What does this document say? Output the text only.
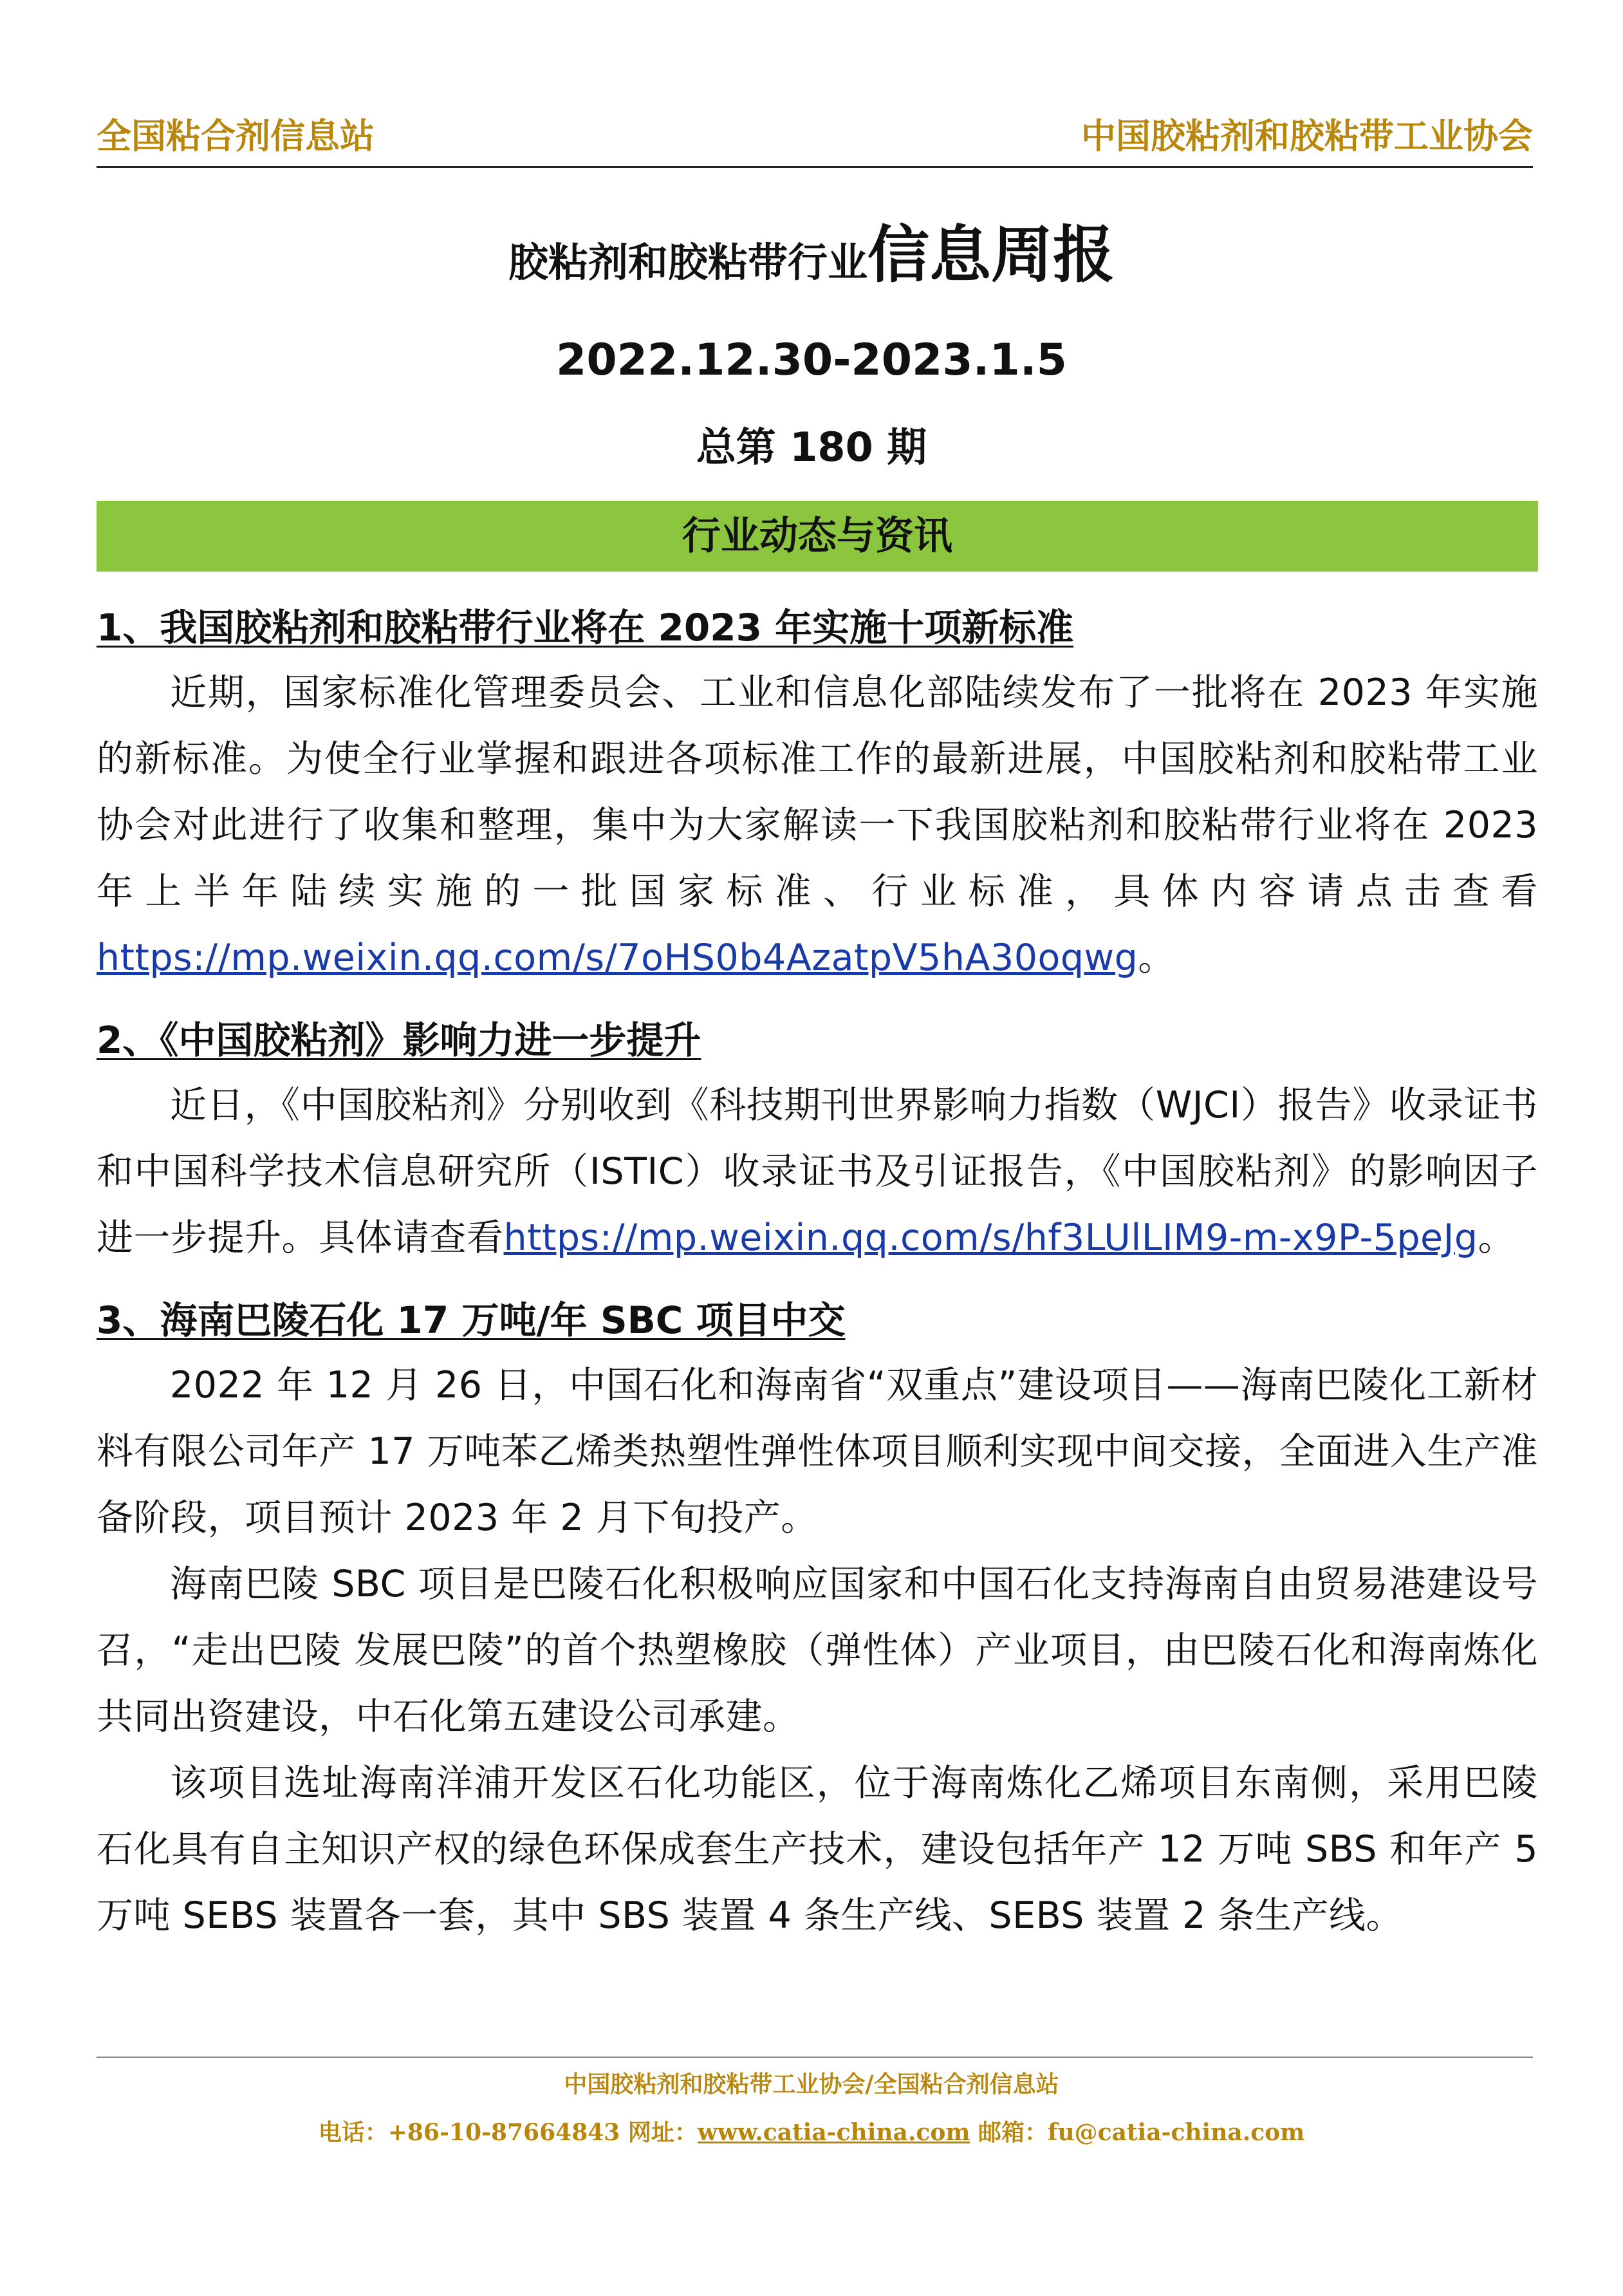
全国粘合剂信息站	中国胶粘剂和胶粘带工业协会
胶粘剂和胶粘带行业信息周报
2022.12.30-2023.1.5
总第 180 期
行业动态与资讯

1、我国胶粘剂和胶粘带行业将在 2023 年实施十项新标准

近期，国家标准化管理委员会、工业和信息化部陆续发布了一批将在 2023 年实施的新标准。为使全行业掌握和跟进各项标准工作的最新进展，中国胶粘剂和胶粘带工业协会对此进行了收集和整理，集中为大家解读一下我国胶粘剂和胶粘带行业将在 2023 年上半年陆续实施的一批国家标准、行业标准，具体内容请点击查看https://mp.weixin.qq.com/s/7oHS0b4AzatpV5hA30oqwg。

2、《中国胶粘剂》影响力进一步提升

近日，《中国胶粘剂》分别收到《科技期刊世界影响力指数（WJCI）报告》收录证书和中国科学技术信息研究所（ISTIC）收录证书及引证报告，《中国胶粘剂》的影响因子进一步提升。具体请查看https://mp.weixin.qq.com/s/hf3LUlLIM9-m-x9P-5peJg。

3、海南巴陵石化 17 万吨/年 SBC 项目中交

2022 年 12 月 26 日，中国石化和海南省“双重点”建设项目——海南巴陵化工新材料有限公司年产 17 万吨苯乙烯类热塑性弹性体项目顺利实现中间交接，全面进入生产准备阶段，项目预计 2023 年 2 月下旬投产。

海南巴陵 SBC 项目是巴陵石化积极响应国家和中国石化支持海南自由贸易港建设号召，“走出巴陵 发展巴陵”的首个热塑橡胶（弹性体）产业项目，由巴陵石化和海南炼化共同出资建设，中石化第五建设公司承建。

该项目选址海南洋浦开发区石化功能区，位于海南炼化乙烯项目东南侧，采用巴陵石化具有自主知识产权的绿色环保成套生产技术，建设包括年产 12 万吨 SBS 和年产 5 万吨 SEBS 装置各一套，其中 SBS 装置 4 条生产线、SEBS 装置 2 条生产线。

中国胶粘剂和胶粘带工业协会/全国粘合剂信息站
电话：+86-10-87664843 网址：www.catia-china.com 邮箱：fu@catia-china.com
